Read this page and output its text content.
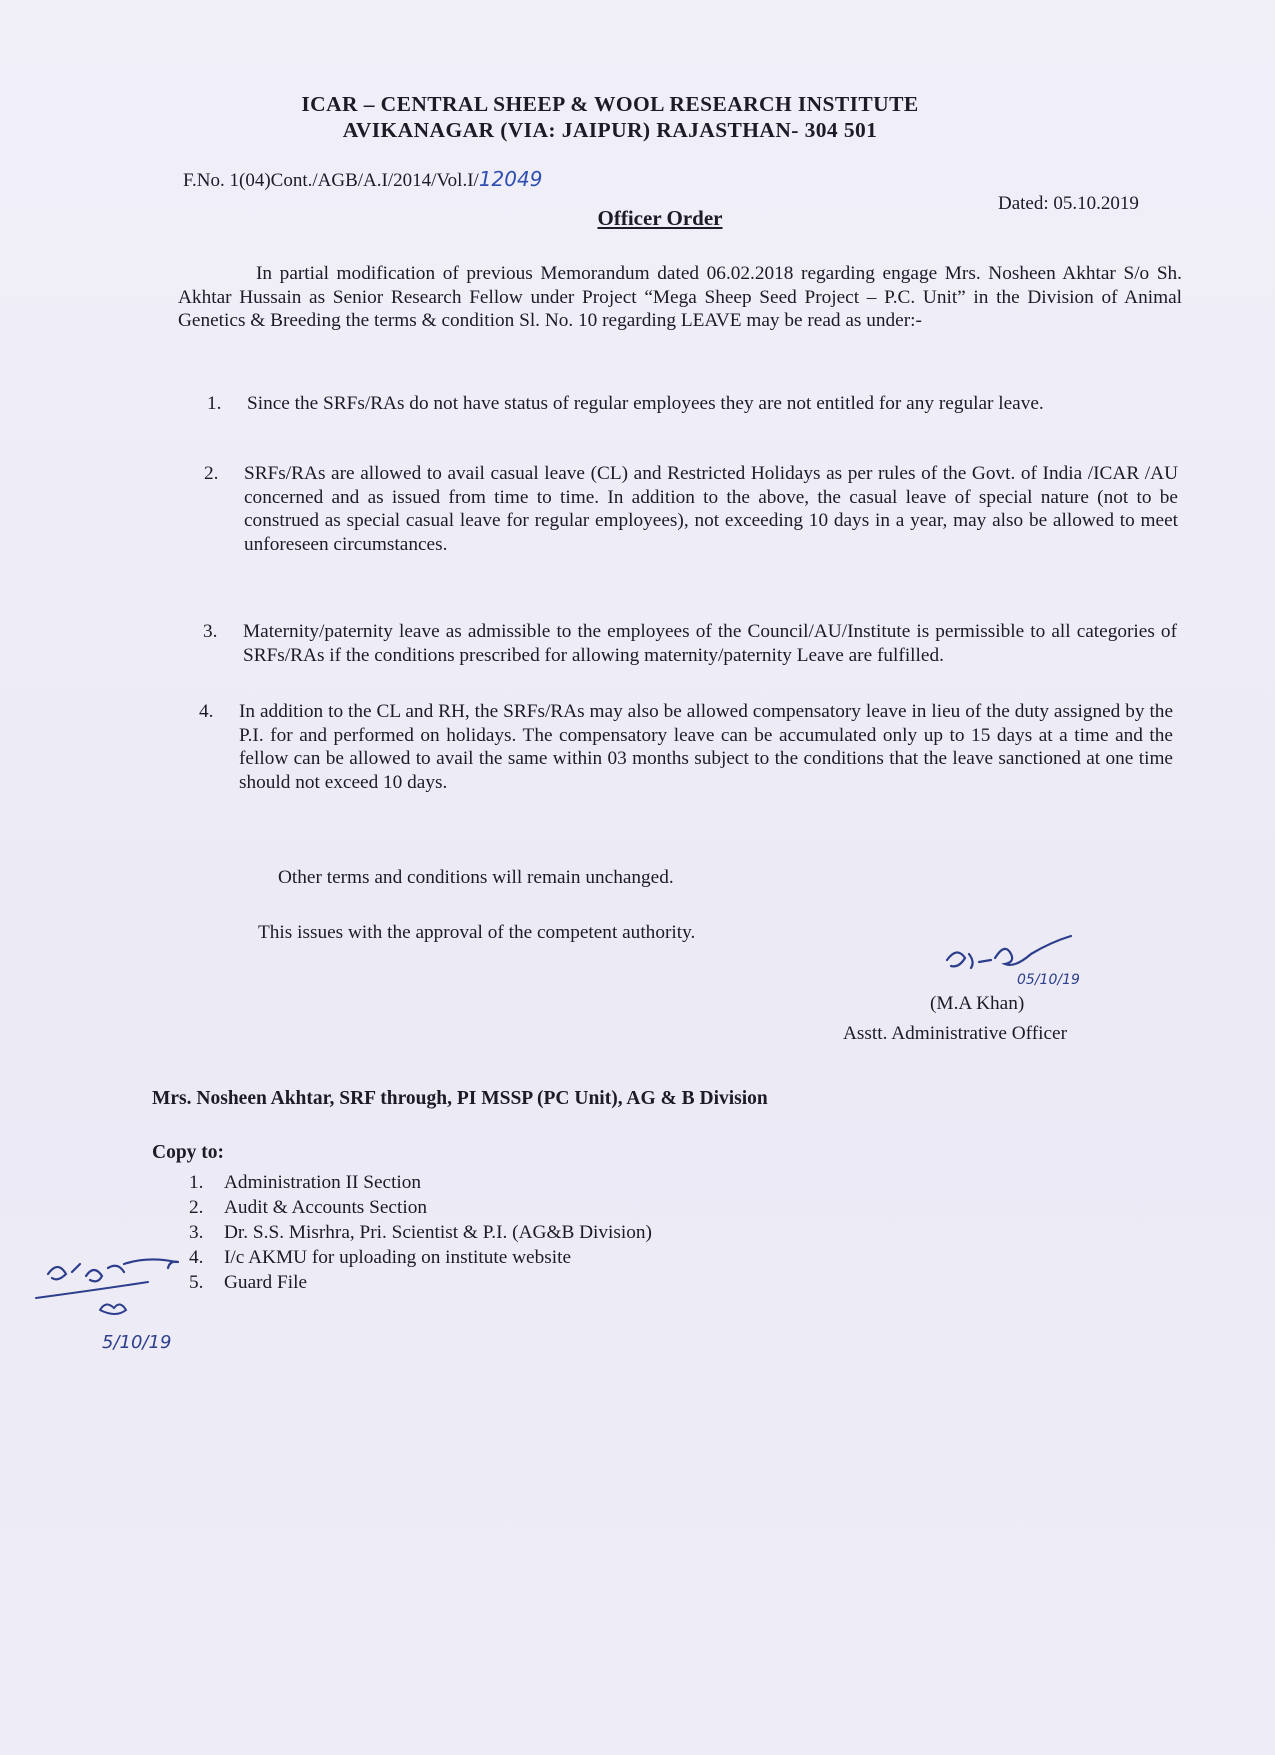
ICAR – CENTRAL SHEEP & WOOL RESEARCH INSTITUTE
AVIKANAGAR (VIA: JAIPUR) RAJASTHAN- 304 501
F.No. 1(04)Cont./AGB/A.I/2014/Vol.I/12049
Dated: 05.10.2019
Officer Order
In partial modification of previous Memorandum dated 06.02.2018 regarding engage Mrs. Nosheen Akhtar S/o Sh. Akhtar Hussain as Senior Research Fellow under Project “Mega Sheep Seed Project – P.C. Unit” in the Division of Animal Genetics & Breeding the terms & condition Sl. No. 10 regarding LEAVE may be read as under:-
1. Since the SRFs/RAs do not have status of regular employees they are not entitled for any regular leave.
2. SRFs/RAs are allowed to avail casual leave (CL) and Restricted Holidays as per rules of the Govt. of India /ICAR /AU concerned and as issued from time to time. In addition to the above, the casual leave of special nature (not to be construed as special casual leave for regular employees), not exceeding 10 days in a year, may also be allowed to meet unforeseen circumstances.
3. Maternity/paternity leave as admissible to the employees of the Council/AU/Institute is permissible to all categories of SRFs/RAs if the conditions prescribed for allowing maternity/paternity Leave are fulfilled.
4. In addition to the CL and RH, the SRFs/RAs may also be allowed compensatory leave in lieu of the duty assigned by the P.I. for and performed on holidays. The compensatory leave can be accumulated only up to 15 days at a time and the fellow can be allowed to avail the same within 03 months subject to the conditions that the leave sanctioned at one time should not exceed 10 days.
Other terms and conditions will remain unchanged.
This issues with the approval of the competent authority.
05/10/19
(M.A Khan)
Asstt. Administrative Officer
Mrs. Nosheen Akhtar, SRF through, PI MSSP (PC Unit), AG & B Division
Copy to:
1. Administration II Section
2. Audit & Accounts Section
3. Dr. S.S. Misrhra, Pri. Scientist & P.I. (AG&B Division)
4. I/c AKMU for uploading on institute website
5. Guard File
5/10/19
